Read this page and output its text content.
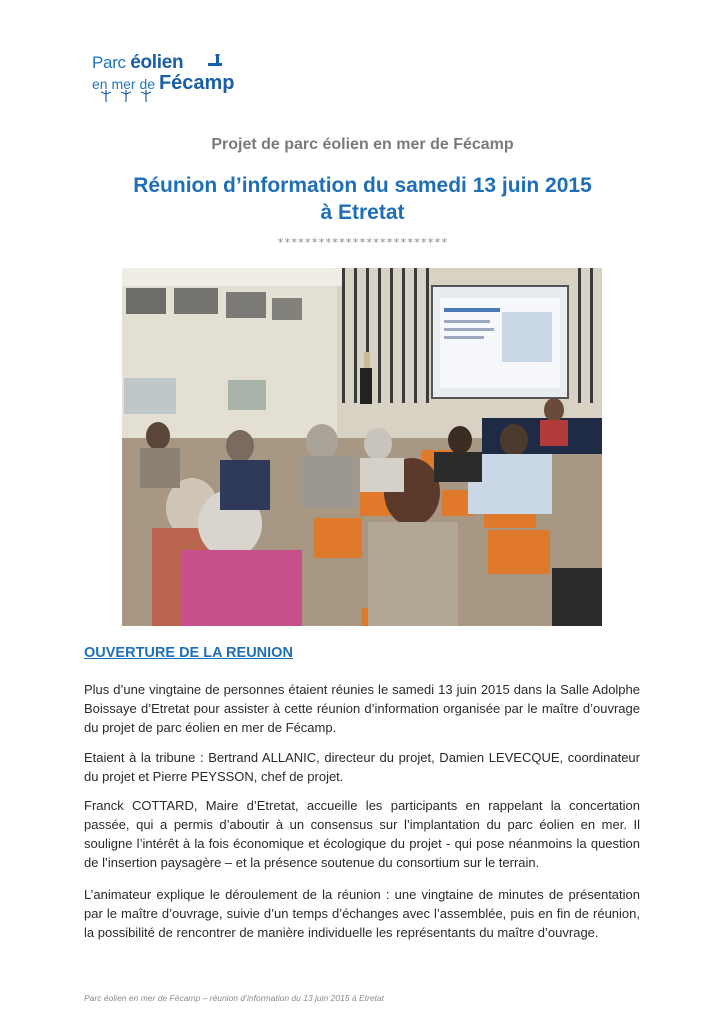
Parc éolien
en mer de Fécamp
Projet de parc éolien en mer de Fécamp
Réunion d’information du samedi 13 juin 2015
à Etretat
*************************
OUVERTURE DE LA REUNION

Plus d’une vingtaine de personnes étaient réunies le samedi 13 juin 2015 dans la Salle Adolphe Boissaye d’Etretat pour assister à cette réunion d’information organisée par le maître d’ouvrage du projet de parc éolien en mer de Fécamp.

Etaient à la tribune : Bertrand ALLANIC, directeur du projet, Damien LEVECQUE, coordinateur du projet et Pierre PEYSSON, chef de projet.

Franck COTTARD, Maire d’Etretat, accueille les participants en rappelant la concertation passée, qui a permis d’aboutir à un consensus sur l’implantation du parc éolien en mer. Il souligne l’intérêt à la fois économique et écologique du projet - qui pose néanmoins la question de l’insertion paysagère – et la présence soutenue du consortium sur le terrain.

L’animateur explique le déroulement de la réunion : une vingtaine de minutes de présentation par le maître d’ouvrage, suivie d’un temps d’échanges avec l’assemblée, puis en fin de réunion, la possibilité de rencontrer de manière individuelle les représentants du maître d’ouvrage.

Parc éolien en mer de Fécamp – réunion d’information du 13 juin 2015 à Etretat
